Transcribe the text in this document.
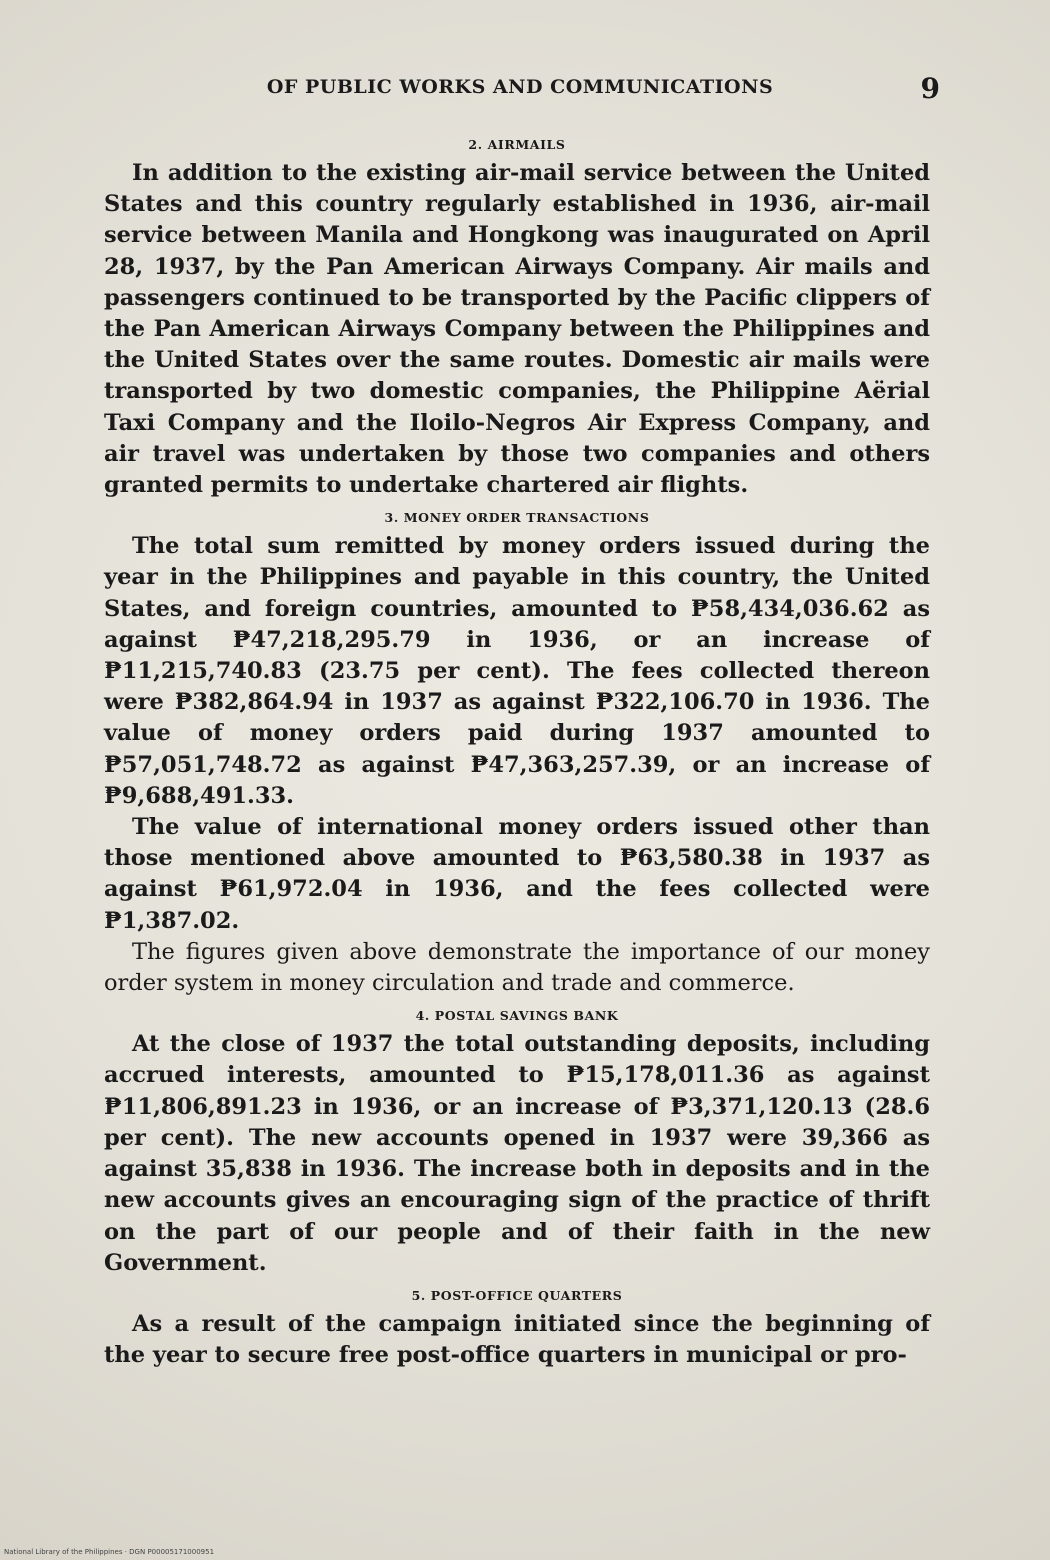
OF PUBLIC WORKS AND COMMUNICATIONS	9
2. AIRMAILS

In addition to the existing air-mail service between the United States and this country regularly established in 1936, air-mail service between Manila and Hongkong was inaugurated on April 28, 1937, by the Pan American Airways Company. Air mails and passengers continued to be transported by the Pacific clippers of the Pan American Airways Company between the Philippines and the United States over the same routes. Domestic air mails were transported by two domestic companies, the Philippine Aërial Taxi Company and the Iloilo-Negros Air Express Company, and air travel was undertaken by those two companies and others granted permits to undertake chartered air flights.

3. MONEY ORDER TRANSACTIONS

The total sum remitted by money orders issued during the year in the Philippines and payable in this country, the United States, and foreign countries, amounted to ₱58,434,036.62 as against ₱47,218,295.79 in 1936, or an increase of ₱11,215,740.83 (23.75 per cent). The fees collected thereon were ₱382,864.94 in 1937 as against ₱322,106.70 in 1936. The value of money orders paid during 1937 amounted to ₱57,051,748.72 as against ₱47,363,257.39, or an increase of ₱9,688,491.33.

The value of international money orders issued other than those mentioned above amounted to ₱63,580.38 in 1937 as against ₱61,972.04 in 1936, and the fees collected were ₱1,387.02.

The figures given above demonstrate the importance of our money order system in money circulation and trade and commerce.

4. POSTAL SAVINGS BANK

At the close of 1937 the total outstanding deposits, including accrued interests, amounted to ₱15,178,011.36 as against ₱11,806,891.23 in 1936, or an increase of ₱3,371,120.13 (28.6 per cent). The new accounts opened in 1937 were 39,366 as against 35,838 in 1936. The increase both in deposits and in the new accounts gives an encouraging sign of the practice of thrift on the part of our people and of their faith in the new Government.

5. POST-OFFICE QUARTERS

As a result of the campaign initiated since the beginning of the year to secure free post-office quarters in municipal or pro-

National Library of the Philippines · DGN P00005171000951
